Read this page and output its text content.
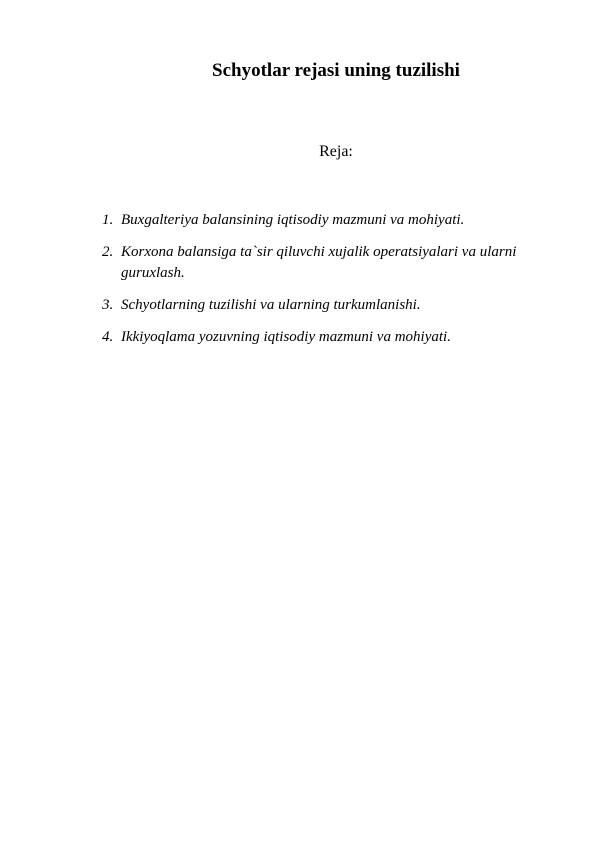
Schyotlar rejasi uning tuzilishi
Reja:
1. Buxgalteriya balansining iqtisodiy mazmuni va mohiyati.
2. Korxona balansiga ta`sir qiluvchi xujalik operatsiyalari va ularni guruxlash.
3. Schyotlarning tuzilishi va ularning turkumlanishi.
4. Ikkiyoqlama yozuvning iqtisodiy mazmuni va mohiyati.
